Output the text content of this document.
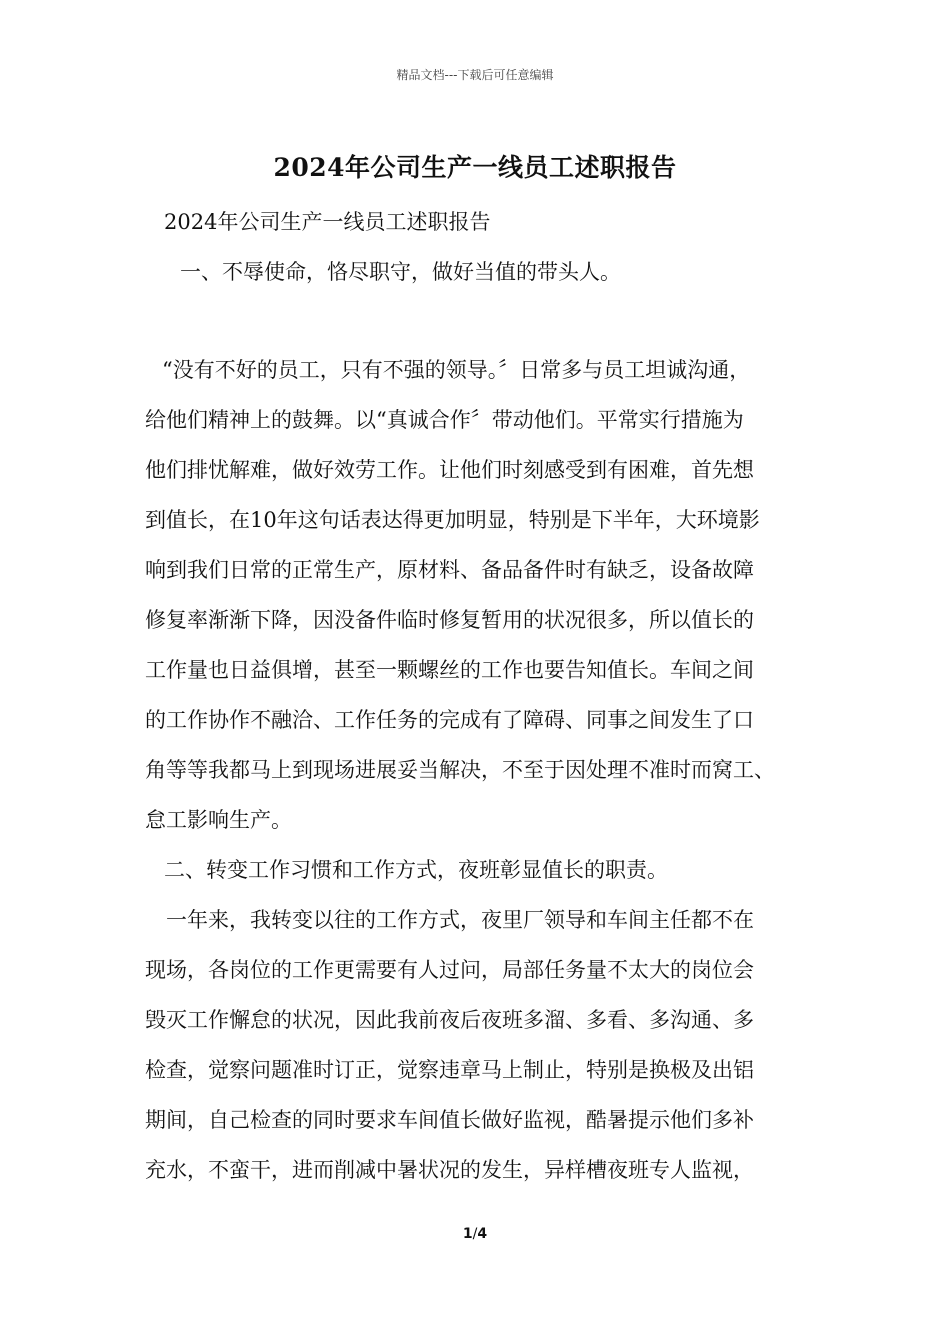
精品文档---下载后可任意编辑
2024年公司生产一线员工述职报告
2024年公司生产一线员工述职报告
一、不辱使命，恪尽职守，做好当值的带头人。
“没有不好的员工，只有不强的领导。〞日常多与员工坦诚沟通，
给他们精神上的鼓舞。以“真诚合作〞带动他们。平常实行措施为
他们排忧解难，做好效劳工作。让他们时刻感受到有困难，首先想
到值长，在10年这句话表达得更加明显，特别是下半年，大环境影
响到我们日常的正常生产，原材料、备品备件时有缺乏，设备故障
修复率渐渐下降，因没备件临时修复暂用的状况很多，所以值长的
工作量也日益俱增，甚至一颗螺丝的工作也要告知值长。车间之间
的工作协作不融洽、工作任务的完成有了障碍、同事之间发生了口
角等等我都马上到现场进展妥当解决，不至于因处理不准时而窝工、
怠工影响生产。
二、转变工作习惯和工作方式，夜班彰显值长的职责。
一年来，我转变以往的工作方式，夜里厂领导和车间主任都不在
现场，各岗位的工作更需要有人过问，局部任务量不太大的岗位会
毁灭工作懈怠的状况，因此我前夜后夜班多溜、多看、多沟通、多
检查，觉察问题准时订正，觉察违章马上制止，特别是换极及出铝
期间，自己检查的同时要求车间值长做好监视，酷暑提示他们多补
充水，不蛮干，进而削减中暑状况的发生，异样槽夜班专人监视，
1/4
